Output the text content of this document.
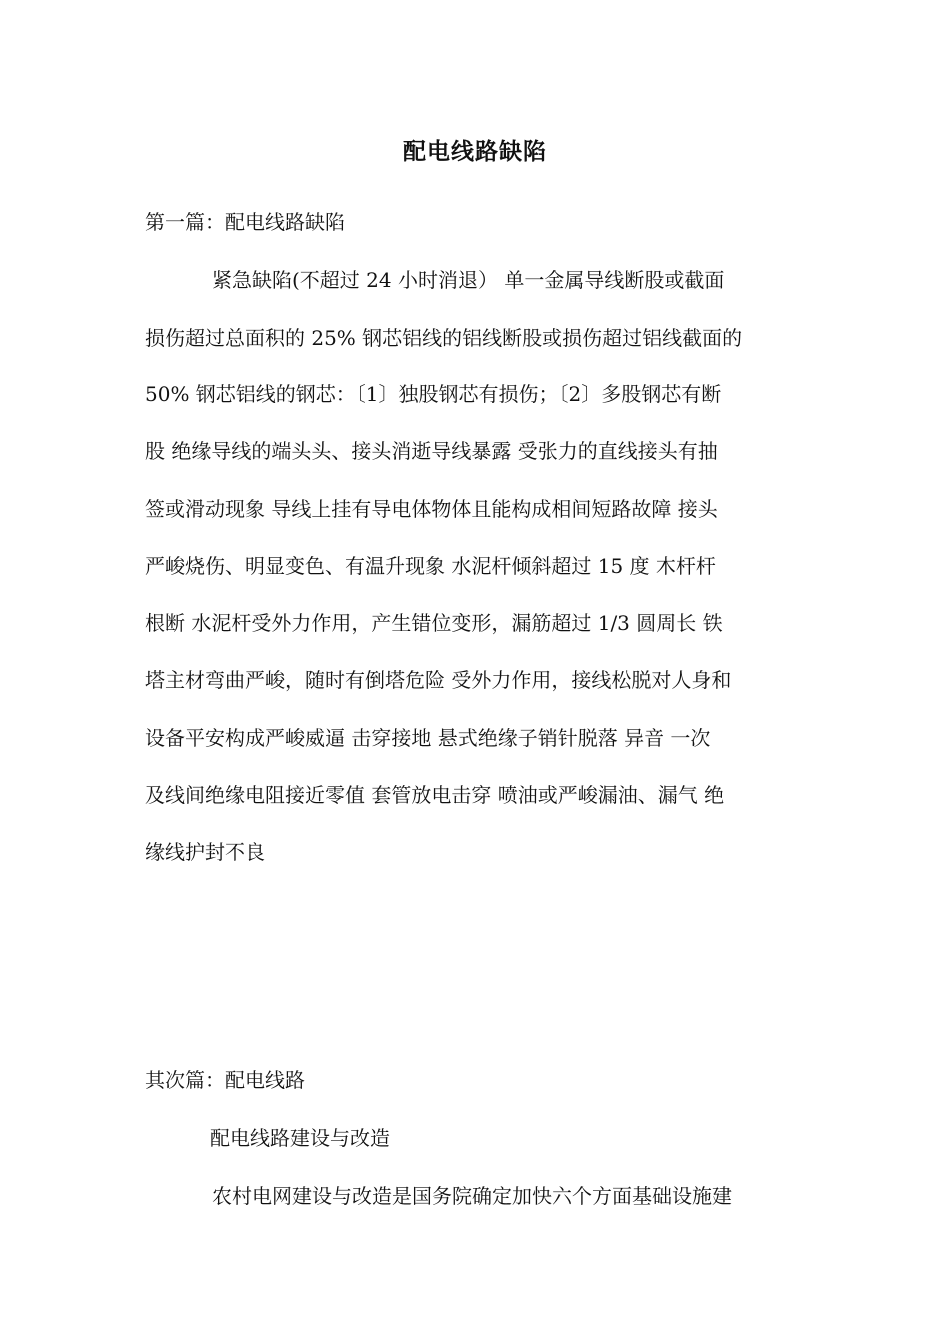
配电线路缺陷
第一篇：配电线路缺陷
紧急缺陷(不超过 24 小时消退） 单一金属导线断股或截面
损伤超过总面积的 25% 钢芯铝线的铝线断股或损伤超过铝线截面的
50% 钢芯铝线的钢芯：〔1〕独股钢芯有损伤；〔2〕多股钢芯有断
股 绝缘导线的端头头、接头消逝导线暴露 受张力的直线接头有抽
签或滑动现象 导线上挂有导电体物体且能构成相间短路故障 接头
严峻烧伤、明显变色、有温升现象 水泥杆倾斜超过 15 度 木杆杆
根断 水泥杆受外力作用，产生错位变形，漏筋超过 1/3 圆周长 铁
塔主材弯曲严峻，随时有倒塔危险 受外力作用，接线松脱对人身和
设备平安构成严峻威逼 击穿接地 悬式绝缘子销针脱落 异音 一次
及线间绝缘电阻接近零值 套管放电击穿 喷油或严峻漏油、漏气 绝
缘线护封不良
其次篇：配电线路
配电线路建设与改造
农村电网建设与改造是国务院确定加快六个方面基础设施建
